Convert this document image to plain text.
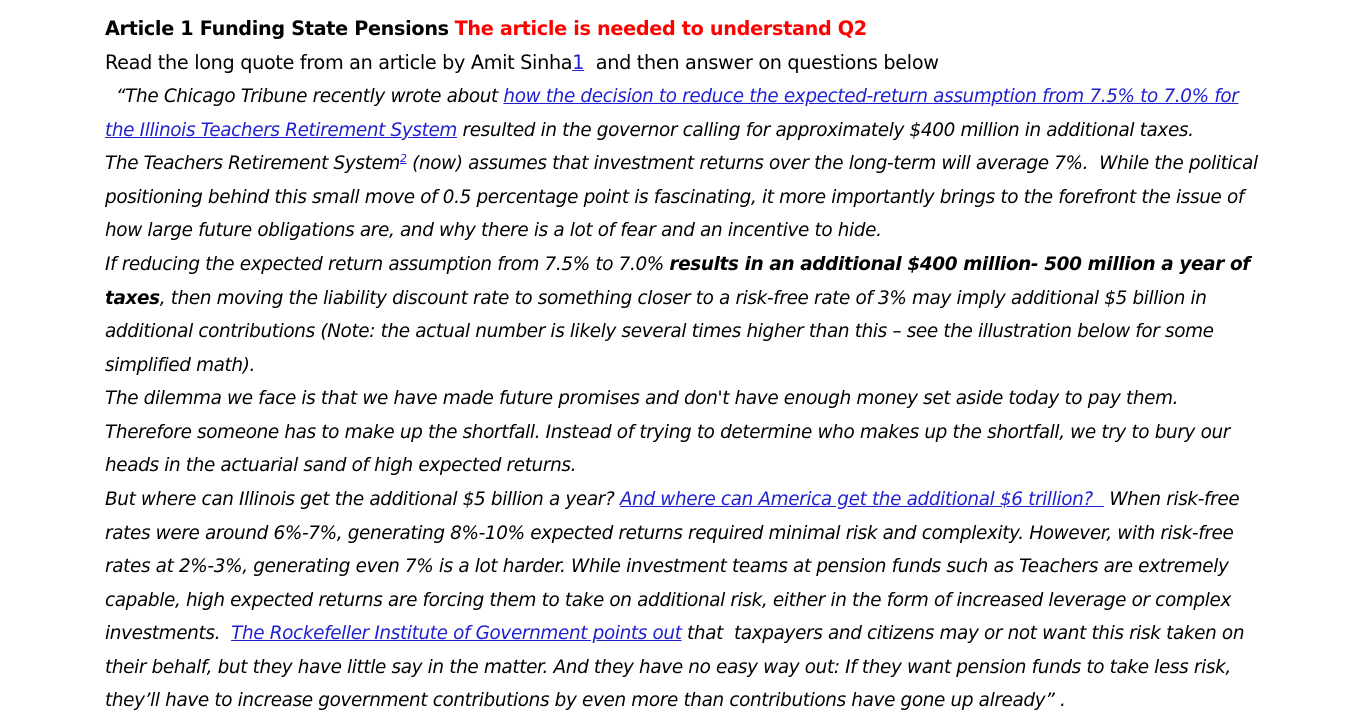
Article 1 Funding State Pensions The article is needed to understand Q2
Read the long quote from an article by Amit Sinha1  and then answer on questions below
“The Chicago Tribune recently wrote about how the decision to reduce the expected-return assumption from 7.5% to 7.0% for
the Illinois Teachers Retirement System resulted in the governor calling for approximately $400 million in additional taxes.
The Teachers Retirement System$^2$ (now) assumes that investment returns over the long-term will average 7%.  While the political
positioning behind this small move of 0.5 percentage point is fascinating, it more importantly brings to the forefront the issue of
how large future obligations are, and why there is a lot of fear and an incentive to hide.
If reducing the expected return assumption from 7.5% to 7.0% results in an additional $400 million- 500 million a year of
taxes, then moving the liability discount rate to something closer to a risk-free rate of 3% may imply additional $5 billion in
additional contributions (Note: the actual number is likely several times higher than this – see the illustration below for some
simplified math).
The dilemma we face is that we have made future promises and don't have enough money set aside today to pay them.
Therefore someone has to make up the shortfall. Instead of trying to determine who makes up the shortfall, we try to bury our
heads in the actuarial sand of high expected returns.
But where can Illinois get the additional $5 billion a year? And where can America get the additional $6 trillion?   When risk-free
rates were around 6%-7%, generating 8%-10% expected returns required minimal risk and complexity. However, with risk-free
rates at 2%-3%, generating even 7% is a lot harder. While investment teams at pension funds such as Teachers are extremely
capable, high expected returns are forcing them to take on additional risk, either in the form of increased leverage or complex
investments.  The Rockefeller Institute of Government points out that  taxpayers and citizens may or not want this risk taken on
their behalf, but they have little say in the matter. And they have no easy way out: If they want pension funds to take less risk,
they’ll have to increase government contributions by even more than contributions have gone up already” .
